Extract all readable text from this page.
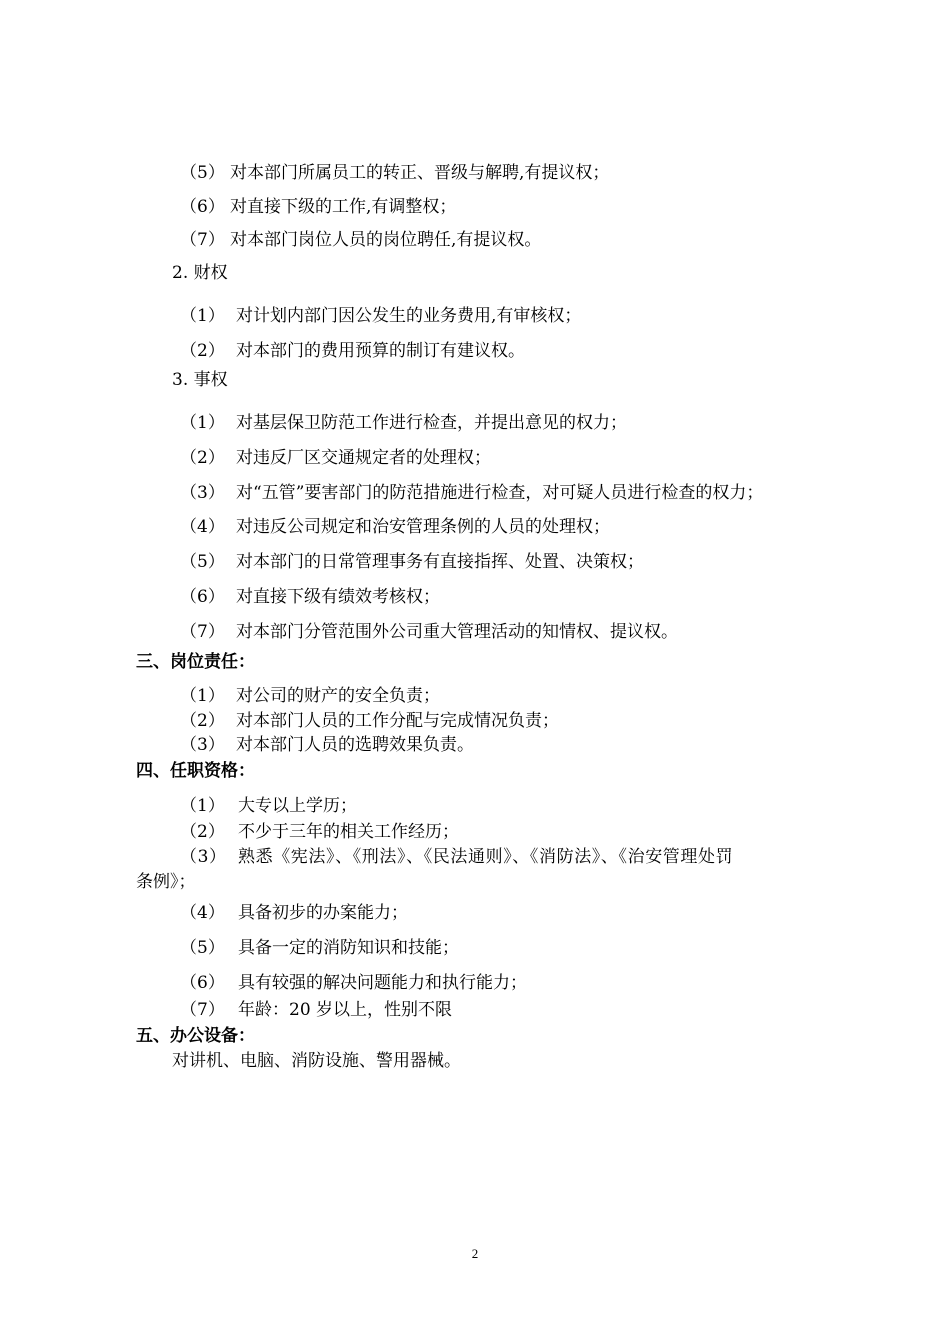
（5） 对本部门所属员工的转正、晋级与解聘,有提议权；
（6） 对直接下级的工作,有调整权；
（7） 对本部门岗位人员的岗位聘任,有提议权。
2. 财权
（1） 对计划内部门因公发生的业务费用,有审核权；
（2） 对本部门的费用预算的制订有建议权。
3. 事权
（1） 对基层保卫防范工作进行检查，并提出意见的权力；
（2） 对违反厂区交通规定者的处理权；
（3） 对“五管”要害部门的防范措施进行检查，对可疑人员进行检查的权力；
（4） 对违反公司规定和治安管理条例的人员的处理权；
（5） 对本部门的日常管理事务有直接指挥、处置、决策权；
（6） 对直接下级有绩效考核权；
（7） 对本部门分管范围外公司重大管理活动的知情权、提议权。
三、岗位责任：
（1） 对公司的财产的安全负责；
（2） 对本部门人员的工作分配与完成情况负责；
（3） 对本部门人员的选聘效果负责。
四、任职资格：
（1） 大专以上学历；
（2） 不少于三年的相关工作经历；
（3） 熟悉《宪法》、《刑法》、《民法通则》、《消防法》、《治安管理处罚
条例》；
（4） 具备初步的办案能力；
（5） 具备一定的消防知识和技能；
（6） 具有较强的解决问题能力和执行能力；
（7） 年龄：20 岁以上，性别不限
五、办公设备：
对讲机、电脑、消防设施、警用器械。
2
